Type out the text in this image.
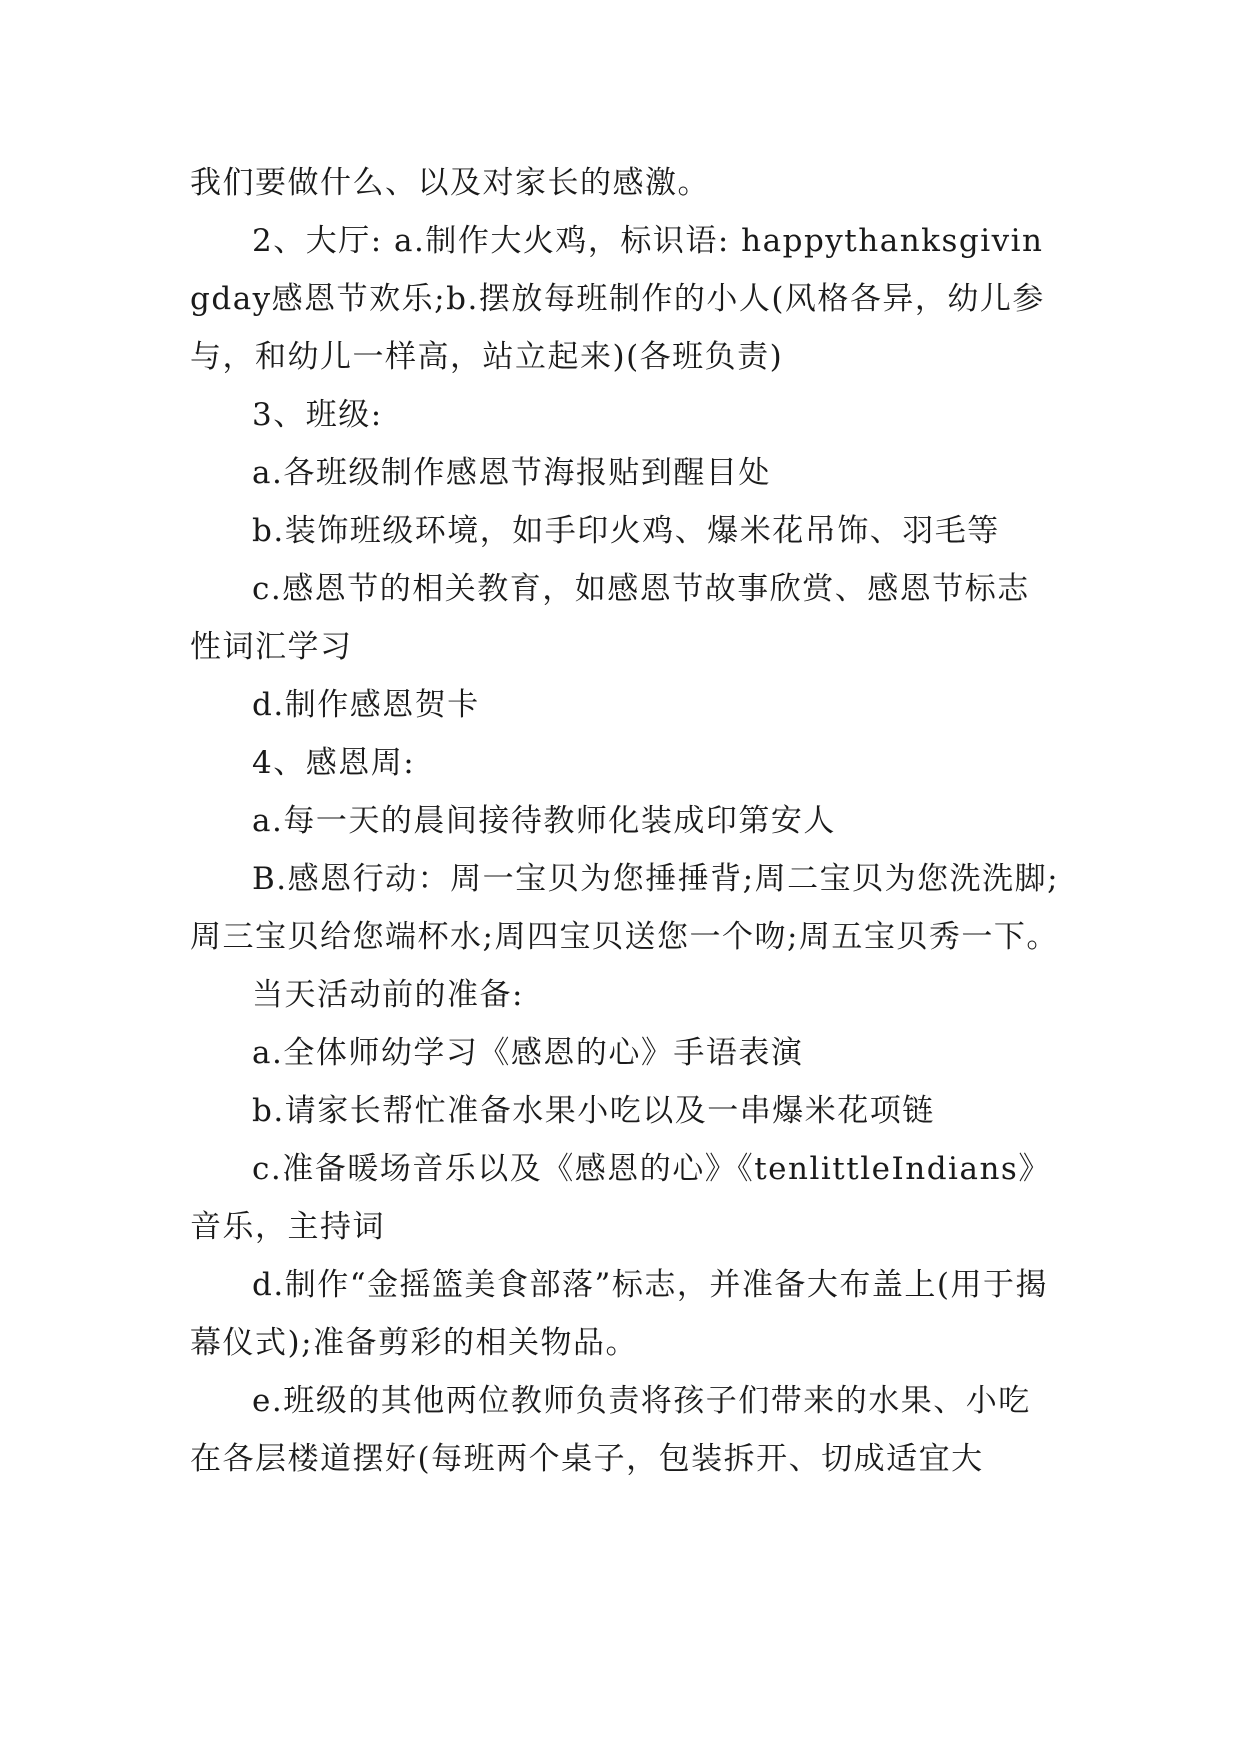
我们要做什么、以及对家长的感激。

2、大厅: a.制作大火鸡，标识语: happythanksgivingday感恩节欢乐;b.摆放每班制作的小人(风格各异，幼儿参与，和幼儿一样高，站立起来)(各班负责)

3、班级:

a.各班级制作感恩节海报贴到醒目处

b.装饰班级环境，如手印火鸡、爆米花吊饰、羽毛等

c.感恩节的相关教育，如感恩节故事欣赏、感恩节标志性词汇学习

d.制作感恩贺卡

4、感恩周:

a.每一天的晨间接待教师化装成印第安人

B.感恩行动：周一宝贝为您捶捶背;周二宝贝为您洗洗脚;周三宝贝给您端杯水;周四宝贝送您一个吻;周五宝贝秀一下。

当天活动前的准备:

a.全体师幼学习《感恩的心》手语表演

b.请家长帮忙准备水果小吃以及一串爆米花项链

c.准备暖场音乐以及《感恩的心》《tenlittleIndians》音乐，主持词

d.制作“金摇篮美食部落”标志，并准备大布盖上(用于揭幕仪式);准备剪彩的相关物品。

e.班级的其他两位教师负责将孩子们带来的水果、小吃在各层楼道摆好(每班两个桌子，包装拆开、切成适宜大
